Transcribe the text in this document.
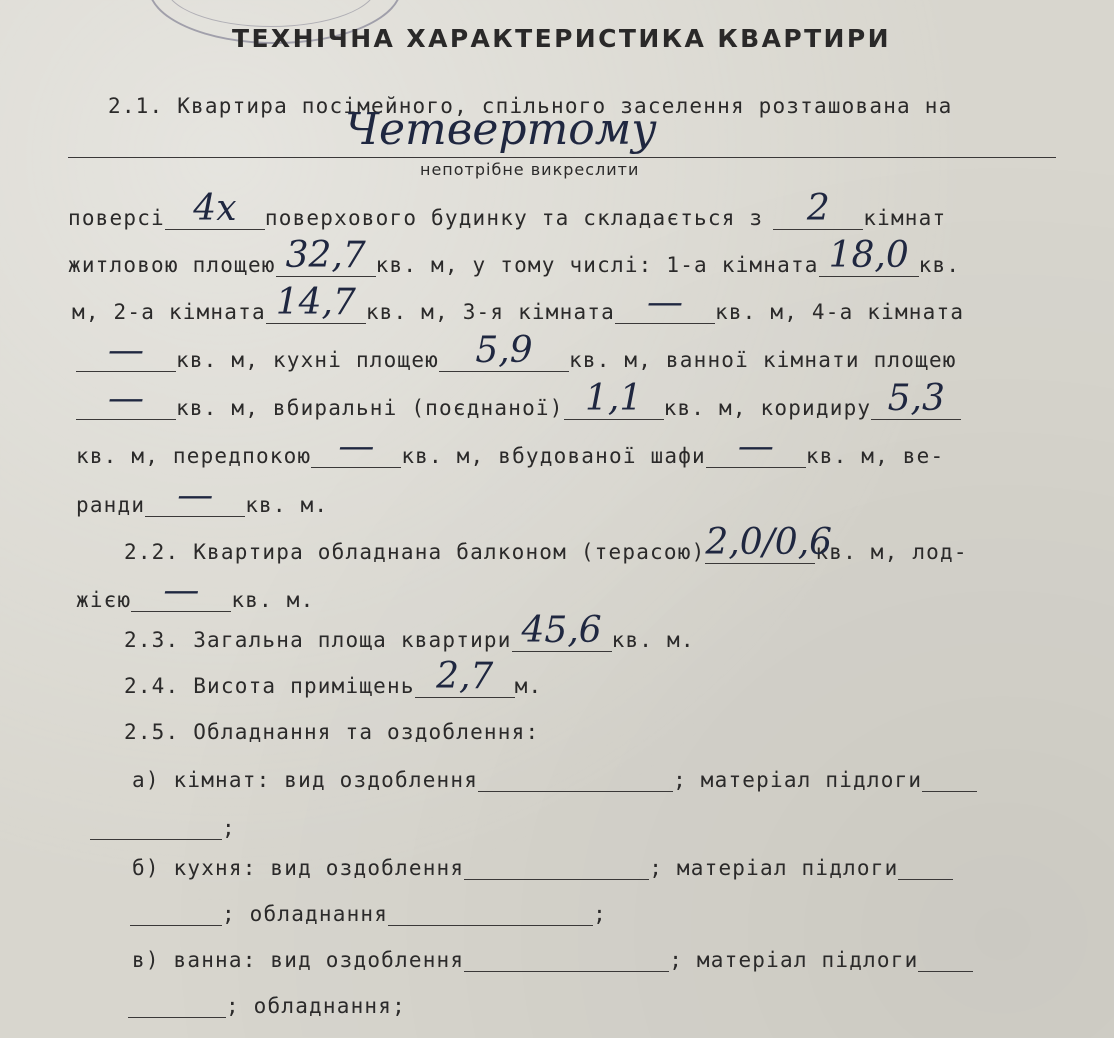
ТЕХНІЧНА ХАРАКТЕРИСТИКА КВАРТИРИ
2.1. Квартира посімейного, спільного заселення розташована на
Четвертому
непотрібне викреслити
поверсі 4х	поверхового будинку та складається з	2	кімнат
житловою площею 32,7 кв. м, у тому числі: 1-а кімната 18,0 кв.
м, 2-а кімната 14,7 кв. м, 3-я кімната —	кв. м, 4-а кімната
—	кв. м, кухні площею	5,9	кв. м, ванної кімнати площею
—	кв. м, вбиральні (поєднаної) 1,1	кв. м, коридиру 5,3
кв. м, передпокою —	кв. м, вбудованої шафи —	кв. м, ве-
ранди —	кв. м.
2.2. Квартира обладнана балконом (терасою) 2,0/0,6
кв. м, лод-
жією —	кв. м.
2.3. Загальна площа квартири 45,6 кв. м.
2.4. Висота приміщень 2,7	м.
2.5. Обладнання та оздоблення:
а) кімнат: вид оздоблення	; матеріал підлоги
;
б) кухня: вид оздоблення	; матеріал підлоги
; обладнання	;
в) ванна: вид оздоблення	; матеріал підлоги
; обладнання;
